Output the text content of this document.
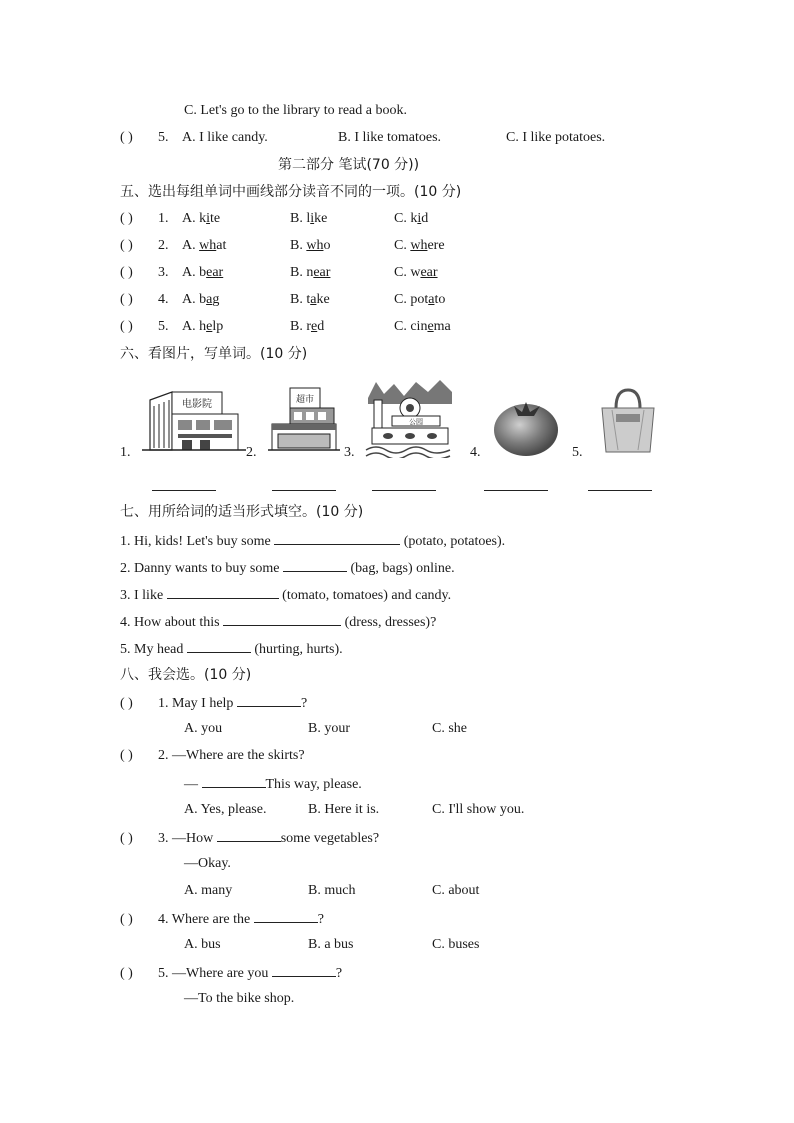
C. Let's go to the library to read a book.
( ) 5. A. I like candy.	B. I like tomatoes.	C. I like potatoes.
第二部分 笔试(70 分))
五、选出每组单词中画线部分读音不同的一项。(10 分)
( ) 1. A. kite	B. like	C. kid
( ) 2. A. what	B. who	C. where
( ) 3. A. bear	B. near	C. wear
( ) 4. A. bag	B. take	C. potato
( ) 5. A. help	B. red	C. cinema
六、看图片，写单词。(10 分)
1.
电影院
2.
超市
3.
公园
4.	5.
七、用所给词的适当形式填空。(10 分)
1. Hi, kids! Let's buy some	(potato, potatoes).
2. Danny wants to buy some	(bag, bags) online.
3. I like	(tomato, tomatoes) and candy.
4. How about this	(dress, dresses)?
5. My head	(hurting, hurts).
八、我会选。(10 分)
( ) 1. May I help	?
A. you	B. your	C. she
( ) 2. —Where are the skirts?
—	This way, please.
A. Yes, please.	B. Here it is.	C. I'll show you.
( ) 3. —How	some vegetables?
—Okay.
A. many	B. much	C. about
( ) 4. Where are the	?
A. bus	B. a bus	C. buses
( ) 5. —Where are you	?
—To the bike shop.
